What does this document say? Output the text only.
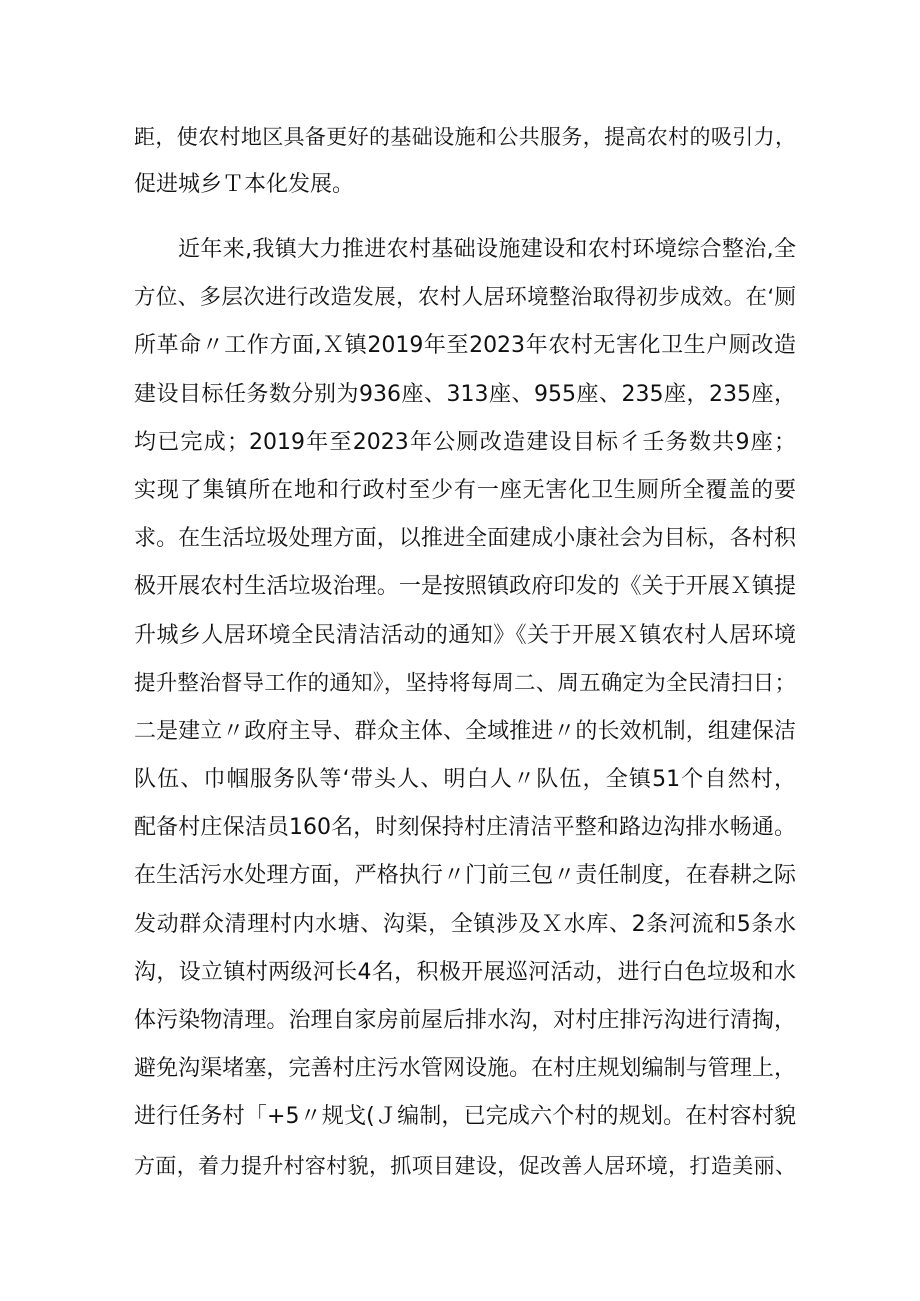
距，使农村地区具备更好的基础设施和公共服务，提高农村的吸引力，
促进城乡Ｔ本化发展。
近年来,我镇大力推进农村基础设施建设和农村环境综合整治,全
方位、多层次进行改造发展，农村人居环境整治取得初步成效。在‘厕
所革命〃工作方面,Ｘ镇2019年至2023年农村无害化卫生户厕改造
建设目标任务数分别为936座、313座、955座、235座，235座，
均已完成；2019年至2023年公厕改造建设目标彳壬务数共9座；
实现了集镇所在地和行政村至少有一座无害化卫生厕所全覆盖的要
求。在生活垃圾处理方面，以推进全面建成小康社会为目标，各村积
极开展农村生活垃圾治理。一是按照镇政府印发的《关于开展Ｘ镇提
升城乡人居环境全民清洁活动的通知》《关于开展Ｘ镇农村人居环境
提升整治督导工作的通知》，坚持将每周二、周五确定为全民清扫日；
二是建立〃政府主导、群众主体、全域推进〃的长效机制，组建保洁
队伍、巾帼服务队等‘带头人、明白人〃队伍，全镇51个自然村，
配备村庄保洁员160名，时刻保持村庄清洁平整和路边沟排水畅通。
在生活污水处理方面，严格执行〃门前三包〃责任制度，在春耕之际
发动群众清理村内水塘、沟渠，全镇涉及Ｘ水库、2条河流和5条水
沟，设立镇村两级河长4名，积极开展巡河活动，进行白色垃圾和水
体污染物清理。治理自家房前屋后排水沟，对村庄排污沟进行清掏，
避免沟渠堵塞，完善村庄污水管网设施。在村庄规划编制与管理上，
进行任务村「+5〃规戈(Ｊ编制，已完成六个村的规划。在村容村貌
方面，着力提升村容村貌，抓项目建设，促改善人居环境，打造美丽、
